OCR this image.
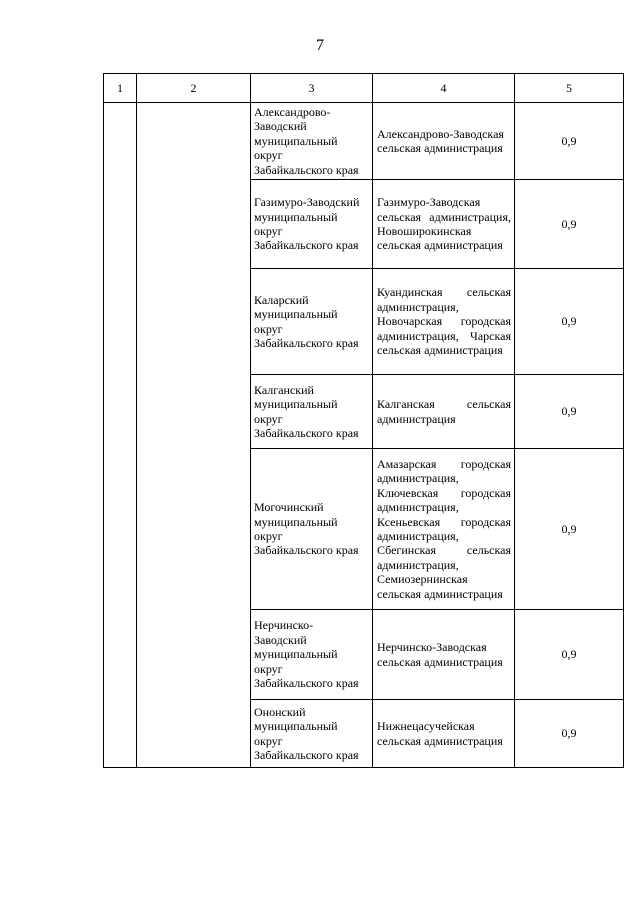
7
1	2	3	4	5
		Александрово-
Заводский
муниципальный
округ
Забайкальского края	Александрово-Заводская сельская администрация	0,9
		Газимуро-Заводский
муниципальный
округ
Забайкальского края	Газимуро-Заводская сельская администрация, Новоширокинская сельская администрация	0,9
		Каларский
муниципальный
округ
Забайкальского края	Куандинская сельская администрация, Новочарская городская администрация, Чарская сельская администрация	0,9
		Калганский
муниципальный
округ
Забайкальского края	Калганская сельская администрация	0,9
		Могочинский
муниципальный
округ
Забайкальского края	Амазарская городская администрация, Ключевская городская администрация, Ксеньевская городская администрация, Сбегинская сельская администрация, Семиозернинская сельская администрация	0,9
		Нерчинско-
Заводский
муниципальный
округ
Забайкальского края	Нерчинско-Заводская сельская администрация	0,9
		Ононский
муниципальный
округ
Забайкальского края	Нижнецасучейская сельская администрация	0,9
